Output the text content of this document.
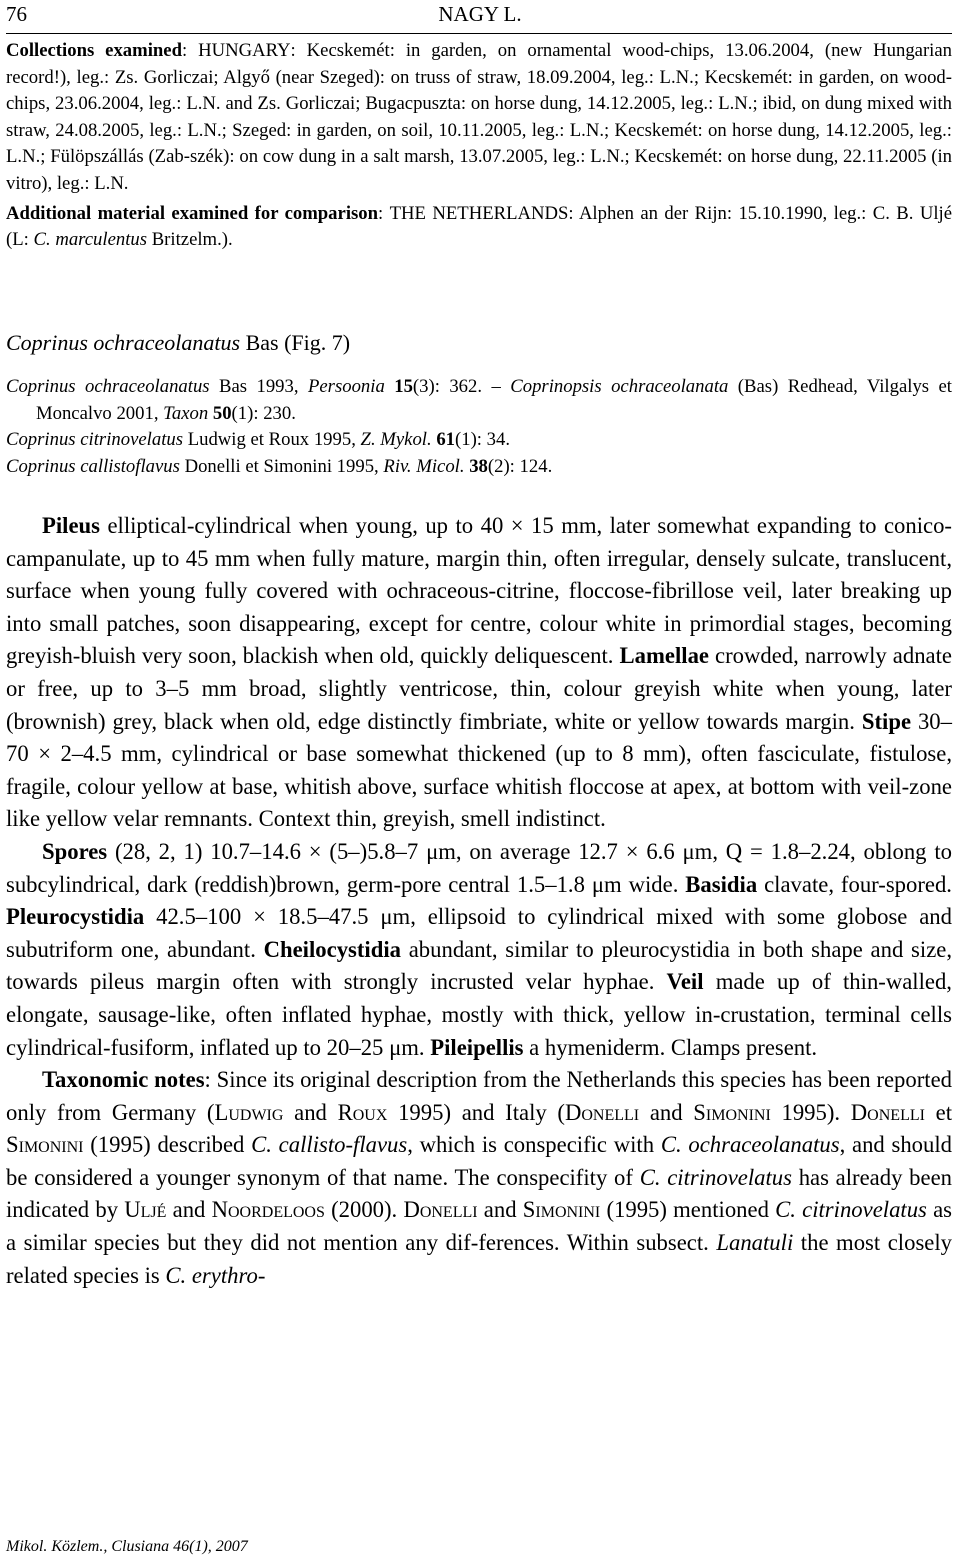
76	NAGY L.

Collections examined: HUNGARY: Kecskemét: in garden, on ornamental wood-chips, 13.06.2004, (new Hungarian record!), leg.: Zs. Gorliczai; Algyő (near Szeged): on truss of straw, 18.09.2004, leg.: L.N.; Kecskemét: in garden, on wood-chips, 23.06.2004, leg.: L.N. and Zs. Gorliczai; Bugacpuszta: on horse dung, 14.12.2005, leg.: L.N.; ibid, on dung mixed with straw, 24.08.2005, leg.: L.N.; Szeged: in garden, on soil, 10.11.2005, leg.: L.N.; Kecskemét: on horse dung, 14.12.2005, leg.: L.N.; Fülöpszállás (Zab-szék): on cow dung in a salt marsh, 13.07.2005, leg.: L.N.; Kecskemét: on horse dung, 22.11.2005 (in vitro), leg.: L.N.

Additional material examined for comparison: THE NETHERLANDS: Alphen an der Rijn: 15.10.1990, leg.: C. B. Uljé (L: C. marculentus Britzelm.).

Coprinus ochraceolanatus Bas (Fig. 7)

Coprinus ochraceolanatus Bas 1993, Persoonia 15(3): 362. – Coprinopsis ochraceolanata (Bas) Redhead, Vilgalys et Moncalvo 2001, Taxon 50(1): 230.

Coprinus citrinovelatus Ludwig et Roux 1995, Z. Mykol. 61(1): 34.

Coprinus callistoflavus Donelli et Simonini 1995, Riv. Micol. 38(2): 124.

Pileus elliptical-cylindrical when young, up to 40 × 15 mm, later somewhat expanding to conico-campanulate, up to 45 mm when fully mature, margin thin, often irregular, densely sulcate, translucent, surface when young fully covered with ochraceous-citrine, floccose-fibrillose veil, later breaking up into small patches, soon disappearing, except for centre, colour white in primordial stages, becoming greyish-bluish very soon, blackish when old, quickly deliquescent. Lamellae crowded, narrowly adnate or free, up to 3–5 mm broad, slightly ventricose, thin, colour greyish white when young, later (brownish) grey, black when old, edge distinctly fimbriate, white or yellow towards margin. Stipe 30–70 × 2–4.5 mm, cylindrical or base somewhat thickened (up to 8 mm), often fasciculate, fistulose, fragile, colour yellow at base, whitish above, surface whitish floccose at apex, at bottom with veil-zone like yellow velar remnants. Context thin, greyish, smell indistinct.

Spores (28, 2, 1) 10.7–14.6 × (5–)5.8–7 μm, on average 12.7 × 6.6 μm, Q = 1.8–2.24, oblong to subcylindrical, dark (reddish)brown, germ-pore central 1.5–1.8 μm wide. Basidia clavate, four-spored. Pleurocystidia 42.5–100 × 18.5–47.5 μm, ellipsoid to cylindrical mixed with some globose and subutriform one, abundant. Cheilocystidia abundant, similar to pleurocystidia in both shape and size, towards pileus margin often with strongly incrusted velar hyphae. Veil made up of thin-walled, elongate, sausage-like, often inflated hyphae, mostly with thick, yellow in-crustation, terminal cells cylindrical-fusiform, inflated up to 20–25 μm. Pileipellis a hymeniderm. Clamps present.

Taxonomic notes: Since its original description from the Netherlands this species has been reported only from Germany (Ludwig and Roux 1995) and Italy (Donelli and Simonini 1995). Donelli et Simonini (1995) described C. callisto-flavus, which is conspecific with C. ochraceolanatus, and should be considered a younger synonym of that name. The conspecifity of C. citrinovelatus has already been indicated by Uljé and Noordeloos (2000). Donelli and Simonini (1995) mentioned C. citrinovelatus as a similar species but they did not mention any dif-ferences. Within subsect. Lanatuli the most closely related species is C. erythro-

Mikol. Közlem., Clusiana 46(1), 2007
